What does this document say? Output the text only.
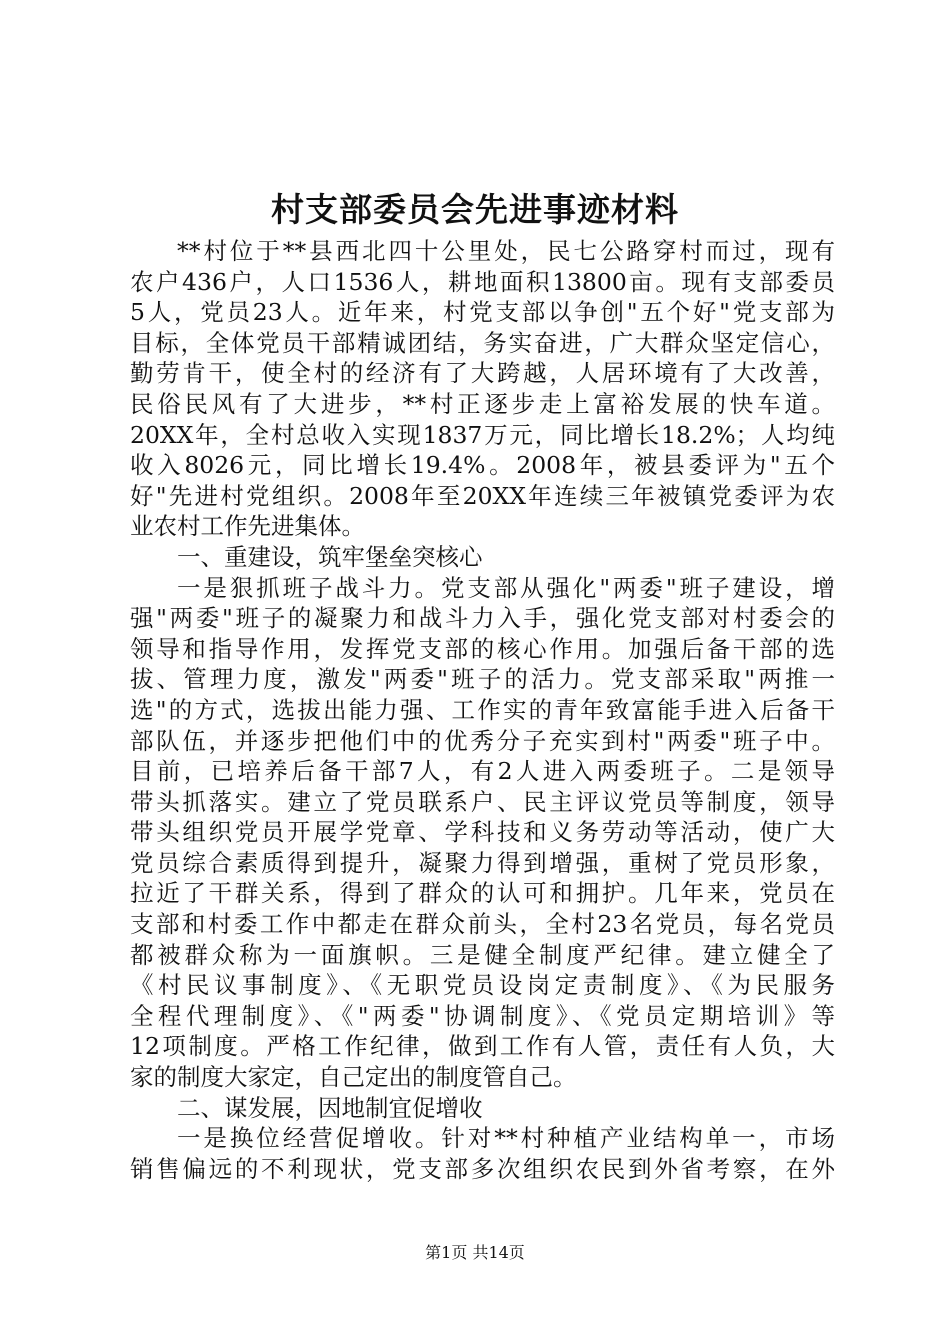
村支部委员会先进事迹材料
**村位于**县西北四十公里处，民七公路穿村而过，现有
农户436户，人口1536人，耕地面积13800亩。现有支部委员
5人，党员23人。近年来，村党支部以争创"五个好"党支部为
目标，全体党员干部精诚团结，务实奋进，广大群众坚定信心，
勤劳肯干，使全村的经济有了大跨越，人居环境有了大改善，
民俗民风有了大进步，**村正逐步走上富裕发展的快车道。
20XX年，全村总收入实现1837万元，同比增长18.2%；人均纯
收入8026元，同比增长19.4%。2008年，被县委评为"五个
好"先进村党组织。2008年至20XX年连续三年被镇党委评为农
业农村工作先进集体。
一、重建设，筑牢堡垒突核心
一是狠抓班子战斗力。党支部从强化"两委"班子建设，增
强"两委"班子的凝聚力和战斗力入手，强化党支部对村委会的
领导和指导作用，发挥党支部的核心作用。加强后备干部的选
拔、管理力度，激发"两委"班子的活力。党支部采取"两推一
选"的方式，选拔出能力强、工作实的青年致富能手进入后备干
部队伍，并逐步把他们中的优秀分子充实到村"两委"班子中。
目前，已培养后备干部7人，有2人进入两委班子。二是领导
带头抓落实。建立了党员联系户、民主评议党员等制度，领导
带头组织党员开展学党章、学科技和义务劳动等活动，使广大
党员综合素质得到提升，凝聚力得到增强，重树了党员形象，
拉近了干群关系，得到了群众的认可和拥护。几年来，党员在
支部和村委工作中都走在群众前头，全村23名党员，每名党员
都被群众称为一面旗帜。三是健全制度严纪律。建立健全了
《村民议事制度》、《无职党员设岗定责制度》、《为民服务
全程代理制度》、《"两委"协调制度》、《党员定期培训》等
12项制度。严格工作纪律，做到工作有人管，责任有人负，大
家的制度大家定，自己定出的制度管自己。
二、谋发展，因地制宜促增收
一是换位经营促增收。针对**村种植产业结构单一，市场
销售偏远的不利现状，党支部多次组织农民到外省考察，在外
第1页 共14页
